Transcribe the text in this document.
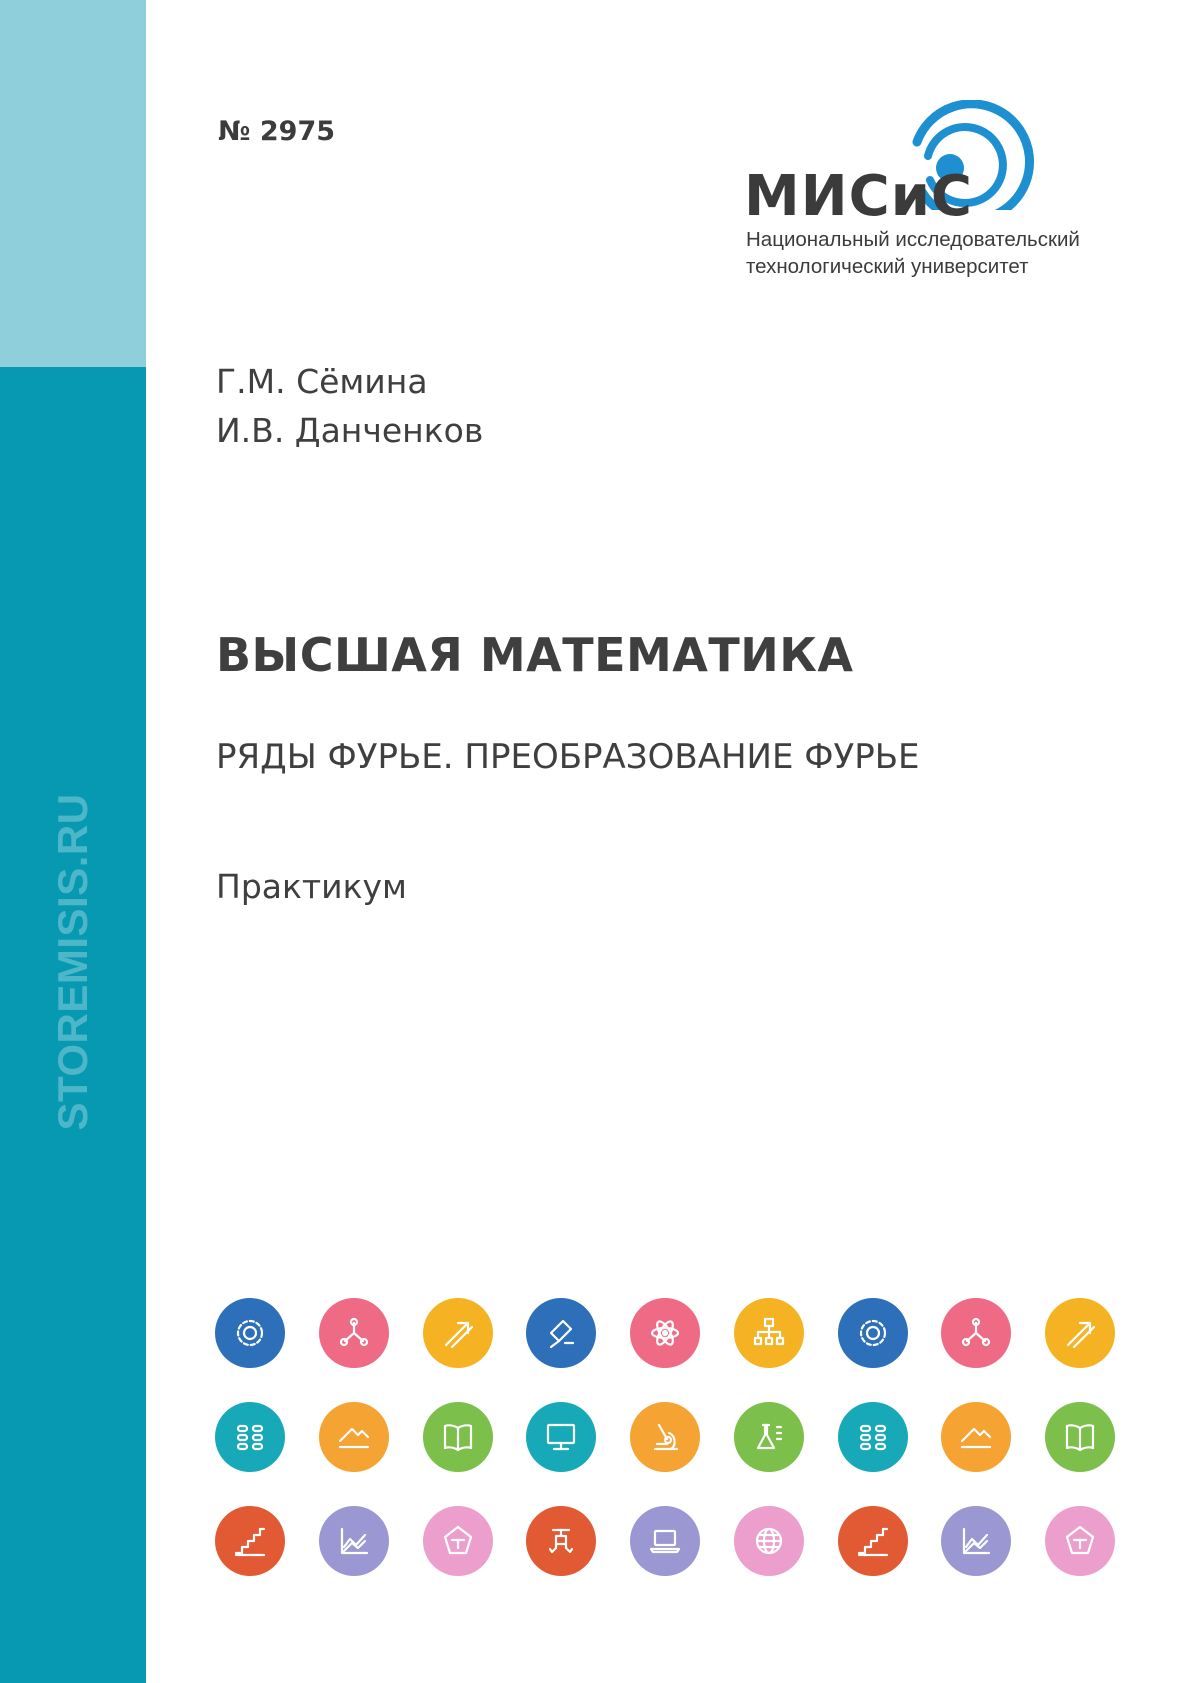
STOREMISIS.RU
№ 2975
МИСиС
Национальный исследовательский
технологический университет
Г.М. Сёмина
И.В. Данченков
ВЫСШАЯ МАТЕМАТИКА
РЯДЫ ФУРЬЕ. ПРЕОБРАЗОВАНИЕ ФУРЬЕ
Практикум
